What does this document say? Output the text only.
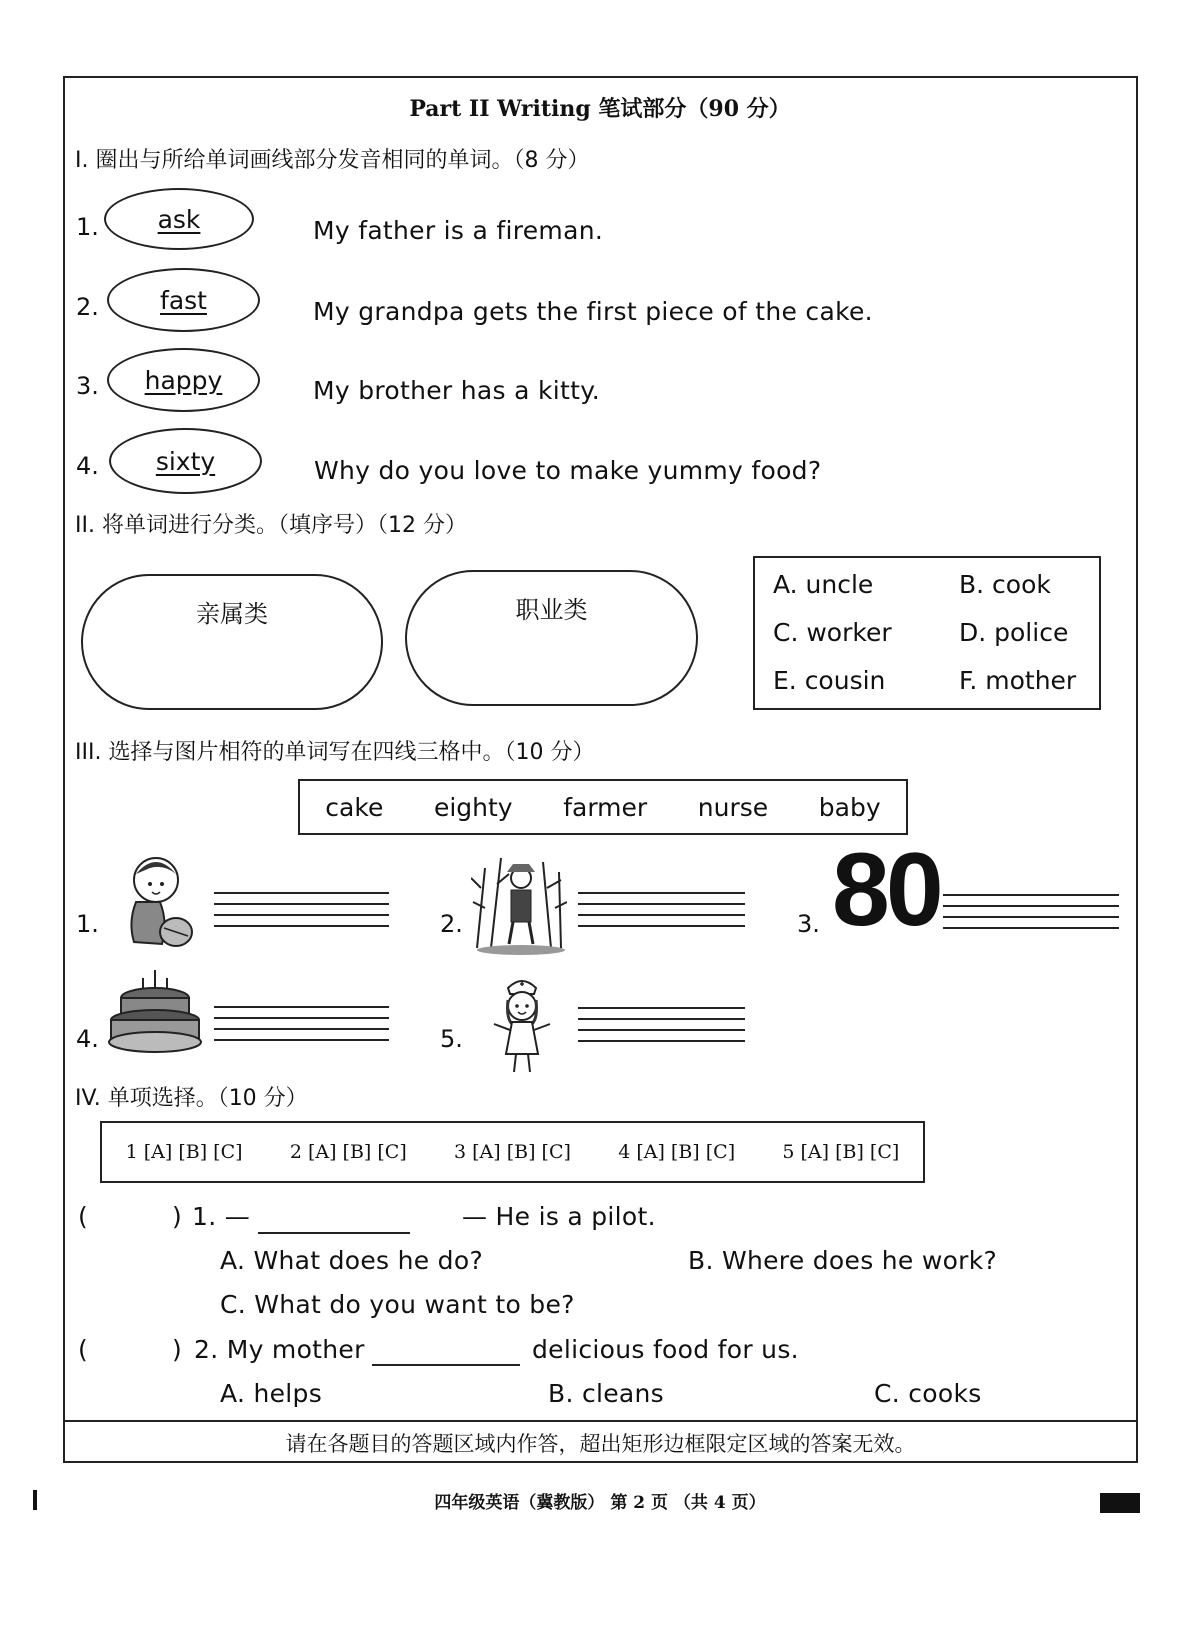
Part II Writing 笔试部分（90 分）
I. 圈出与所给单词画线部分发音相同的单词。（8 分）
1. ask	My father is a fireman.
2. fast	My grandpa gets the first piece of the cake.
3. happy	My brother has a kitty.
4. sixty	Why do you love to make yummy food?
II. 将单词进行分类。（填序号）（12 分）
亲属类	职业类
A. uncle	B. cook
C. worker	D. police
E. cousin	F. mother
III. 选择与图片相符的单词写在四线三格中。（10 分）
cake eighty farmer nurse baby
1.	2.	3. 80
4.	5.
IV. 单项选择。（10 分）
1 [A] [B] [C] 2 [A] [B] [C] 3 [A] [B] [C] 4 [A] [B] [C] 5 [A] [B] [C]
(	) 1. —	— He is a pilot.
A. What does he do?	B. Where does he work?
C. What do you want to be?
(	) 2. My mother	delicious food for us.
A. helps	B. cleans	C. cooks
请在各题目的答题区域内作答，超出矩形边框限定区域的答案无效。
四年级英语（冀教版） 第 2 页 （共 4 页）
